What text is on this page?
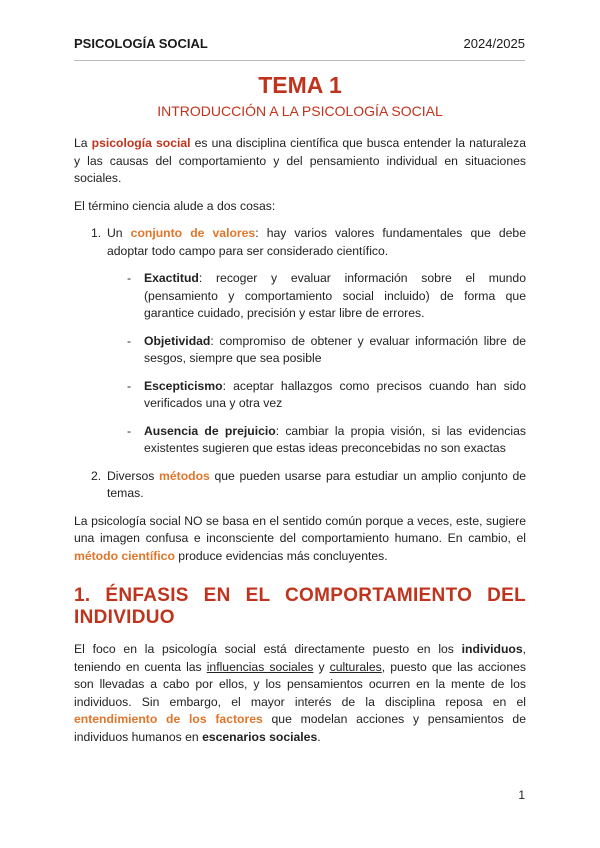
PSICOLOGÍA SOCIAL	2024/2025
TEMA 1
INTRODUCCIÓN A LA PSICOLOGÍA SOCIAL

La psicología social es una disciplina científica que busca entender la naturaleza y las causas del comportamiento y del pensamiento individual en situaciones sociales.

El término ciencia alude a dos cosas:

1. Un conjunto de valores: hay varios valores fundamentales que debe adoptar todo campo para ser considerado científico.
- Exactitud: recoger y evaluar información sobre el mundo (pensamiento y comportamiento social incluido) de forma que garantice cuidado, precisión y estar libre de errores.
- Objetividad: compromiso de obtener y evaluar información libre de sesgos, siempre que sea posible
- Escepticismo: aceptar hallazgos como precisos cuando han sido verificados una y otra vez
- Ausencia de prejuicio: cambiar la propia visión, si las evidencias existentes sugieren que estas ideas preconcebidas no son exactas
2. Diversos métodos que pueden usarse para estudiar un amplio conjunto de temas.

La psicología social NO se basa en el sentido común porque a veces, este, sugiere una imagen confusa e inconsciente del comportamiento humano. En cambio, el método científico produce evidencias más concluyentes.

1. ÉNFASIS EN EL COMPORTAMIENTO DEL INDIVIDUO

El foco en la psicología social está directamente puesto en los individuos, teniendo en cuenta las influencias sociales y culturales, puesto que las acciones son llevadas a cabo por ellos, y los pensamientos ocurren en la mente de los individuos. Sin embargo, el mayor interés de la disciplina reposa en el entendimiento de los factores que modelan acciones y pensamientos de individuos humanos en escenarios sociales.

1
